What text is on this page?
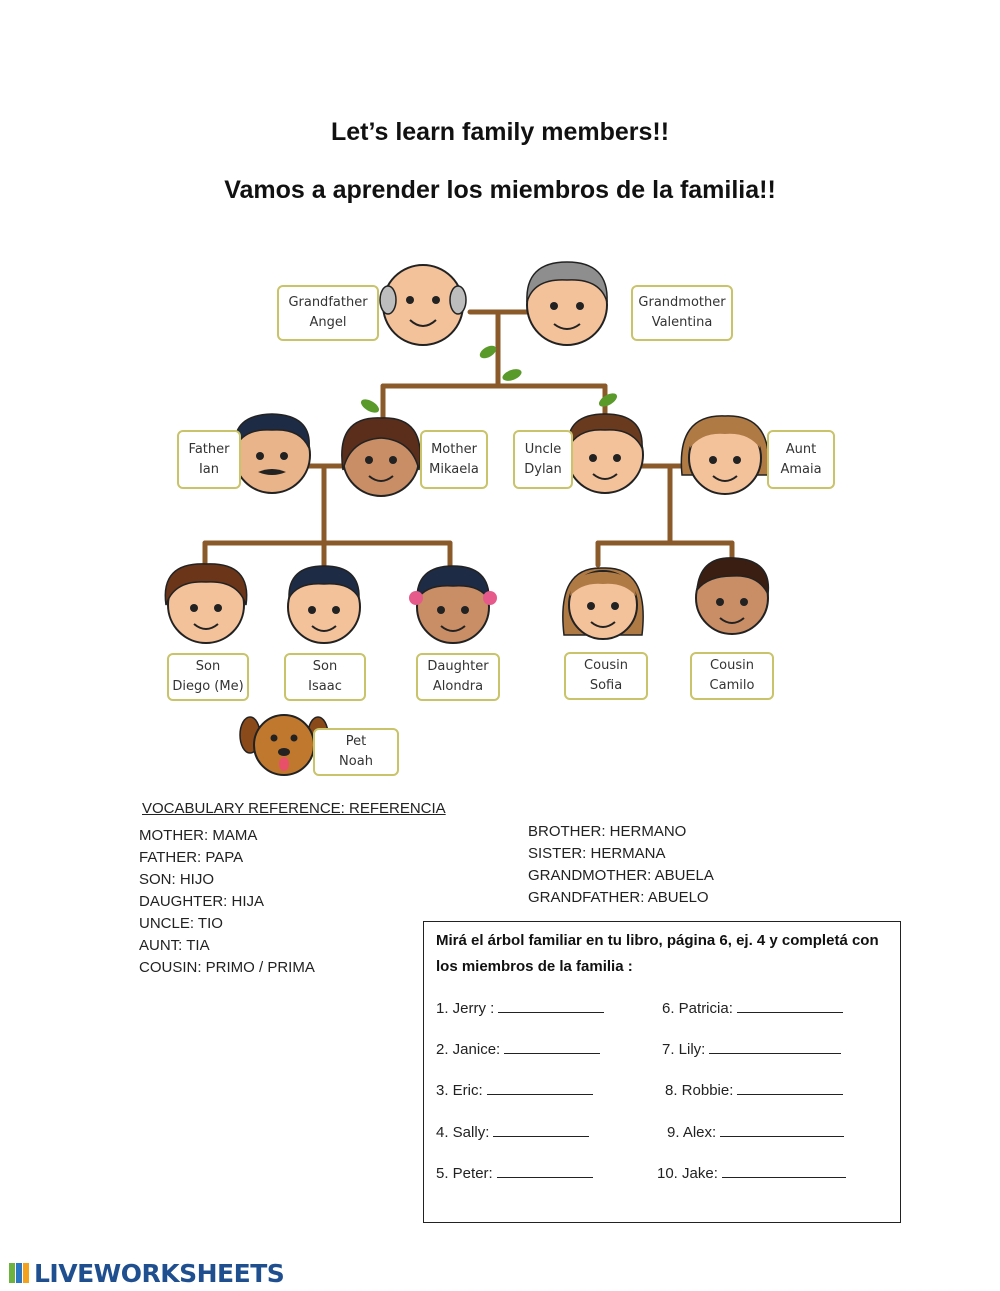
Let’s learn family members!!
Vamos a aprender los miembros de la familia!!
Grandfather
Angel
Grandmother
Valentina
Father
Ian
Mother
Mikaela
Uncle
Dylan
Aunt
Amaia
Son
Diego (Me)
Son
Isaac
Daughter
Alondra
Cousin
Sofia
Cousin
Camilo
Pet
Noah
VOCABULARY REFERENCE: REFERENCIA
MOTHER: MAMA
FATHER: PAPA
SON: HIJO
DAUGHTER: HIJA
UNCLE: TIO
AUNT: TIA
COUSIN: PRIMO / PRIMA
BROTHER: HERMANO
SISTER: HERMANA
GRANDMOTHER: ABUELA
GRANDFATHER: ABUELO
Mirá el árbol familiar en tu libro, página 6, ej. 4 y completá con los miembros de la familia :
1. Jerry :
2. Janice:
3. Eric:
4. Sally:
5. Peter:
6. Patricia:
7. Lily:
8. Robbie:
9. Alex:
10. Jake:
LIVEWORKSHEETS
